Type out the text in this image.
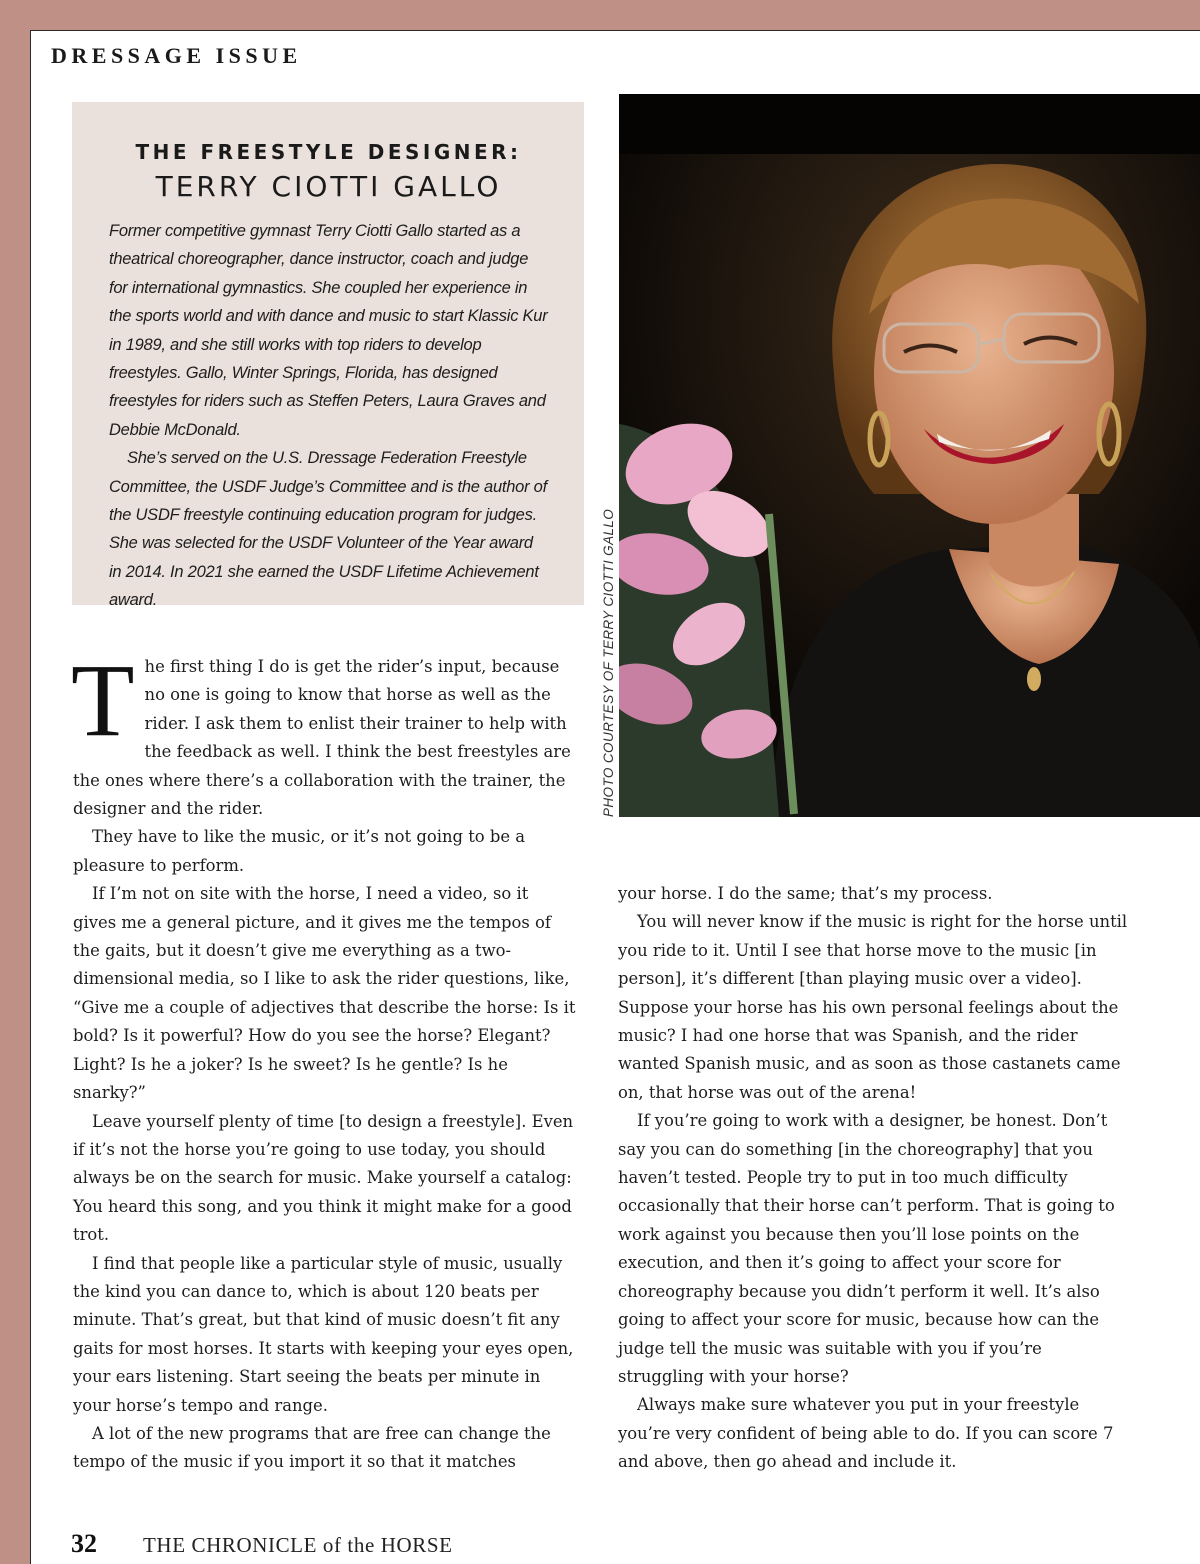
DRESSAGE ISSUE
THE FREESTYLE DESIGNER:
TERRY CIOTTI GALLO

Former competitive gymnast Terry Ciotti Gallo started as a theatrical choreographer, dance instructor, coach and judge for international gymnastics. She coupled her experience in the sports world and with dance and music to start Klassic Kur in 1989, and she still works with top riders to develop freestyles. Gallo, Winter Springs, Florida, has designed freestyles for riders such as Steffen Peters, Laura Graves and Debbie McDonald.

She’s served on the U.S. Dressage Federation Freestyle Committee, the USDF Judge’s Committee and is the author of the USDF freestyle continuing education program for judges. She was selected for the USDF Volunteer of the Year award in 2014. In 2021 she earned the USDF Lifetime Achievement award.	PHOTO COURTESY OF TERRY CIOTTI GALLO

The first thing I do is get the rider’s input, because no one is going to know that horse as well as the rider. I ask them to enlist their trainer to help with the feedback as well. I think the best freestyles are the ones where there’s a collaboration with the trainer, the designer and the rider.

They have to like the music, or it’s not going to be a pleasure to perform.

If I’m not on site with the horse, I need a video, so it gives me a general picture, and it gives me the tempos of the gaits, but it doesn’t give me everything as a two-dimensional media, so I like to ask the rider questions, like, “Give me a couple of adjectives that describe the horse: Is it bold? Is it powerful? How do you see the horse? Elegant? Light? Is he a joker? Is he sweet? Is he gentle? Is he snarky?”

Leave yourself plenty of time [to design a freestyle]. Even if it’s not the horse you’re going to use today, you should always be on the search for music. Make yourself a catalog: You heard this song, and you think it might make for a good trot.

I find that people like a particular style of music, usually the kind you can dance to, which is about 120 beats per minute. That’s great, but that kind of music doesn’t fit any gaits for most horses. It starts with keeping your eyes open, your ears listening. Start seeing the beats per minute in your horse’s tempo and range.

A lot of the new programs that are free can change the tempo of the music if you import it so that it matches

your horse. I do the same; that’s my process.

You will never know if the music is right for the horse until you ride to it. Until I see that horse move to the music [in person], it’s different [than playing music over a video]. Suppose your horse has his own personal feelings about the music? I had one horse that was Spanish, and the rider wanted Spanish music, and as soon as those castanets came on, that horse was out of the arena!

If you’re going to work with a designer, be honest. Don’t say you can do something [in the choreography] that you haven’t tested. People try to put in too much difficulty occasionally that their horse can’t perform. That is going to work against you because then you’ll lose points on the execution, and then it’s going to affect your score for choreography because you didn’t perform it well. It’s also going to affect your score for music, because how can the judge tell the music was suitable with you if you’re struggling with your horse?

Always make sure whatever you put in your freestyle you’re very confident of being able to do. If you can score 7 and above, then go ahead and include it.

32 THE CHRONICLE of the HORSE
